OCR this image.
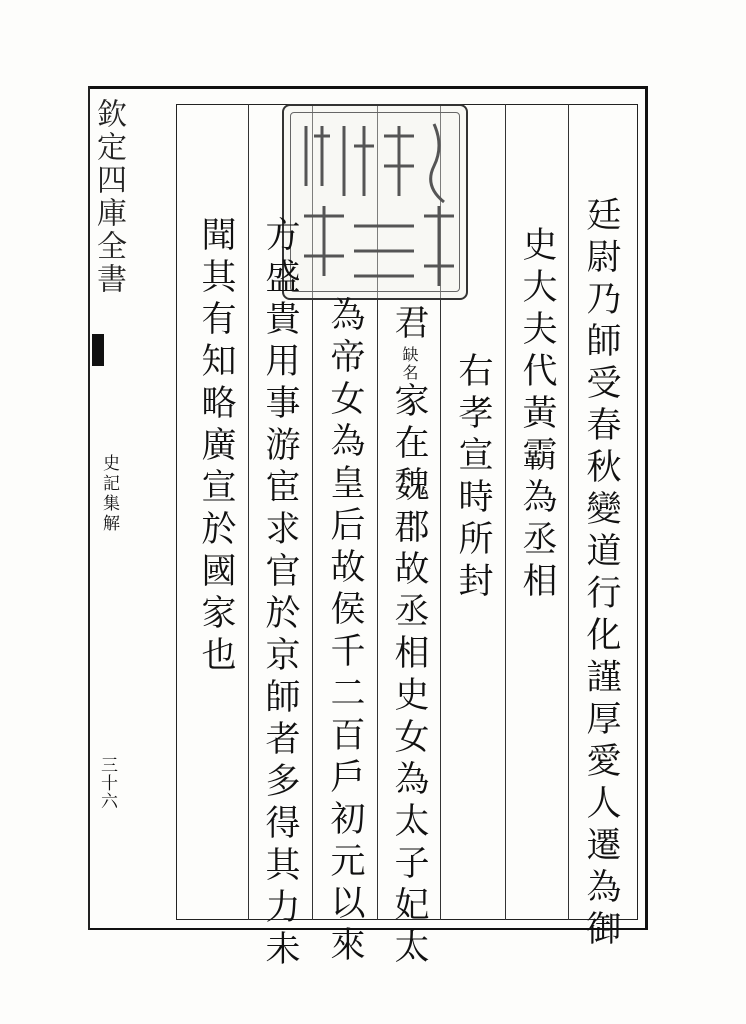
欽定四庫全書
史記集解
三十六	廷尉乃師受春秋變道行化謹厚愛人遷為御
史大夫代黃霸為丞相
右孝宣時所封
君缺名家在魏郡故丞相史女為太子妃太
為帝女為皇后故侯千二百戶初元以來
方盛貴用事游宦求官於京師者多得其力未
聞其有知略廣宣於國家也
